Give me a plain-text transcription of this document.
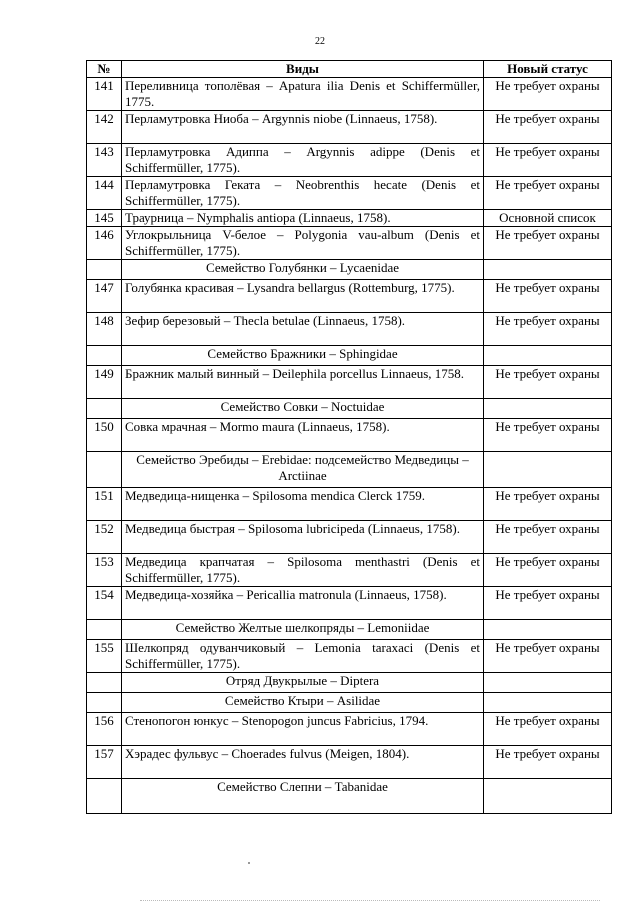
22
№	Виды	Новый статус
141	Переливница тополёвая – Apatura ilia Denis et Schiffermüller, 1775.	Не требует охраны
142	Перламутровка Ниоба – Argynnis niobe (Linnaeus, 1758).	Не требует охраны
143	Перламутровка Адиппа – Argynnis adippe (Denis et Schiffermüller, 1775).	Не требует охраны
144	Перламутровка Геката – Neobrenthis hecate (Denis et Schiffermüller, 1775).	Не требует охраны
145	Траурница – Nymphalis antiopa (Linnaeus, 1758).	Основной список
146	Углокрыльница V-белое – Polygonia vau-album (Denis et Schiffermüller, 1775).	Не требует охраны
	Семейство Голубянки – Lycaenidae	
147	Голубянка красивая – Lysandra bellargus (Rottemburg, 1775).	Не требует охраны
148	Зефир березовый – Thecla betulae (Linnaeus, 1758).	Не требует охраны
	Семейство Бражники – Sphingidae	
149	Бражник малый винный – Deilephila porcellus Linnaeus, 1758.	Не требует охраны
	Семейство Совки – Noctuidae	
150	Совка мрачная – Mormo maura (Linnaeus, 1758).	Не требует охраны
	Семейство Эребиды – Erebidae: подсемейство Медведицы – Arctiinae	
151	Медведица-нищенка – Spilosoma mendica Clerck 1759.	Не требует охраны
152	Медведица быстрая – Spilosoma lubricipeda (Linnaeus, 1758).	Не требует охраны
153	Медведица крапчатая – Spilosoma menthastri (Denis et Schiffermüller, 1775).	Не требует охраны
154	Медведица-хозяйка – Pericallia matronula (Linnaeus, 1758).	Не требует охраны
	Семейство Желтые шелкопряды – Lemoniidae	
155	Шелкопряд одуванчиковый – Lemonia taraxaci (Denis et Schiffermüller, 1775).	Не требует охраны
	Отряд Двукрылые – Diptera	
	Семейство Ктыри – Asilidae	
156	Стенопогон юнкус – Stenopogon juncus Fabricius, 1794.	Не требует охраны
157	Хэрадес фульвус – Choerades fulvus (Meigen, 1804).	Не требует охраны
	Семейство Слепни – Tabanidae	
